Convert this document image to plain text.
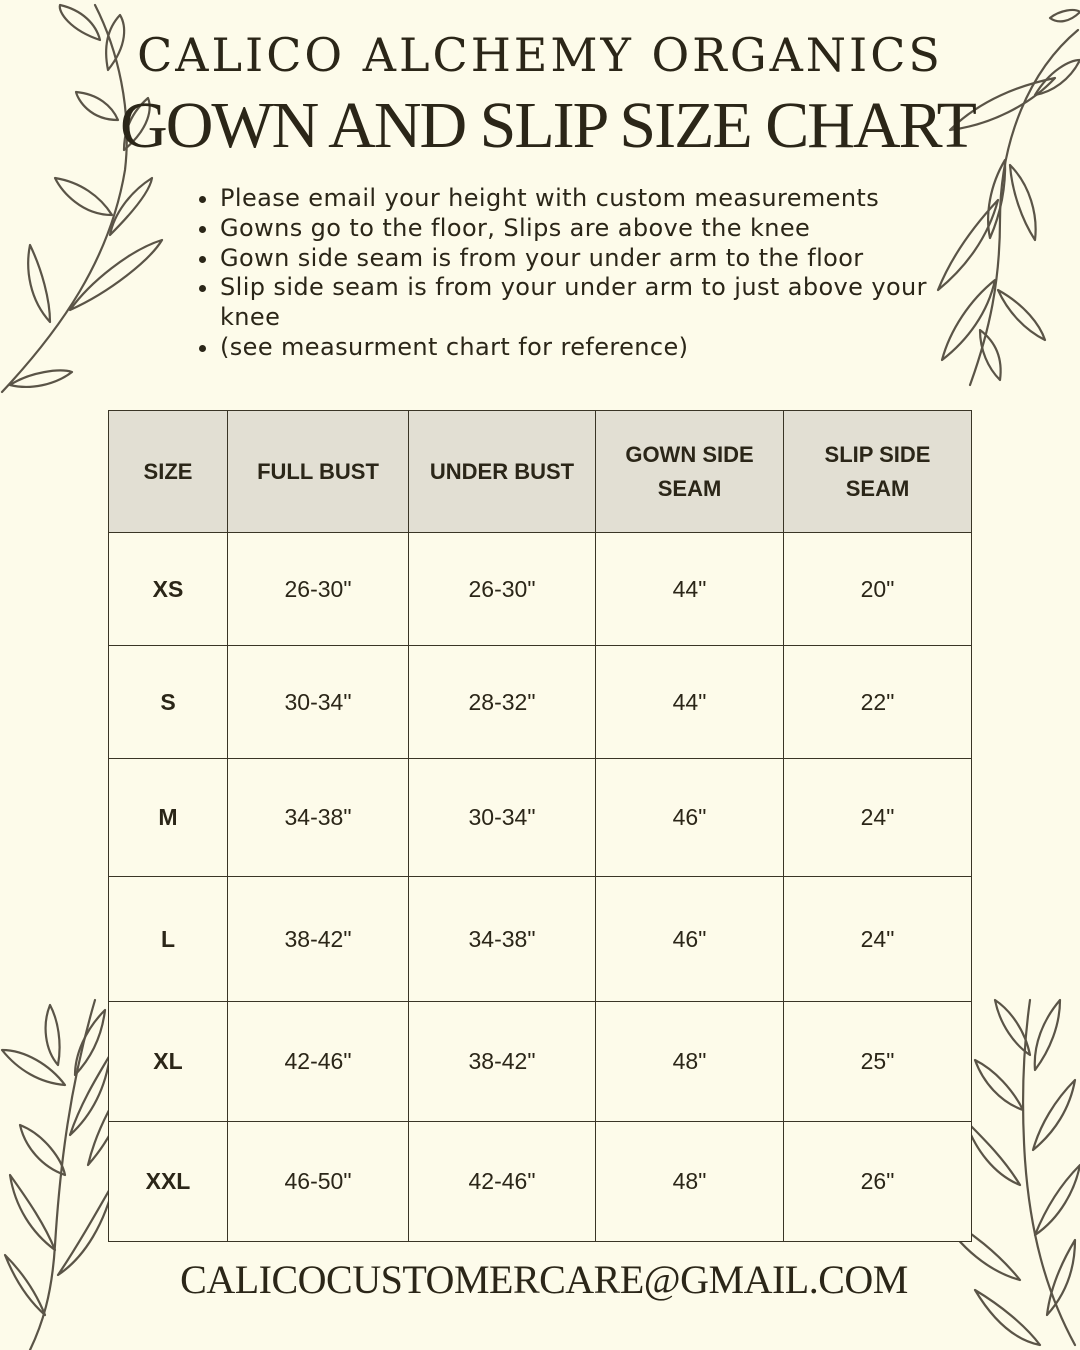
CALICO ALCHEMY ORGANICS
GOWN AND SLIP SIZE CHART
• Please email your height with custom measurements
• Gowns go to the floor, Slips are above the knee
• Gown side seam is from your under arm to the floor
• Slip side seam is from your under arm to just above your knee
• (see measurment chart for reference)
SIZE	FULL BUST	UNDER BUST	GOWN SIDE SEAM	SLIP SIDE SEAM
XS	26-30"	26-30"	44"	20"
S	30-34"	28-32"	44"	22"
M	34-38"	30-34"	46"	24"
L	38-42"	34-38"	46"	24"
XL	42-46"	38-42"	48"	25"
XXL	46-50"	42-46"	48"	26"
CALICOCUSTOMERCARE@GMAIL.COM
